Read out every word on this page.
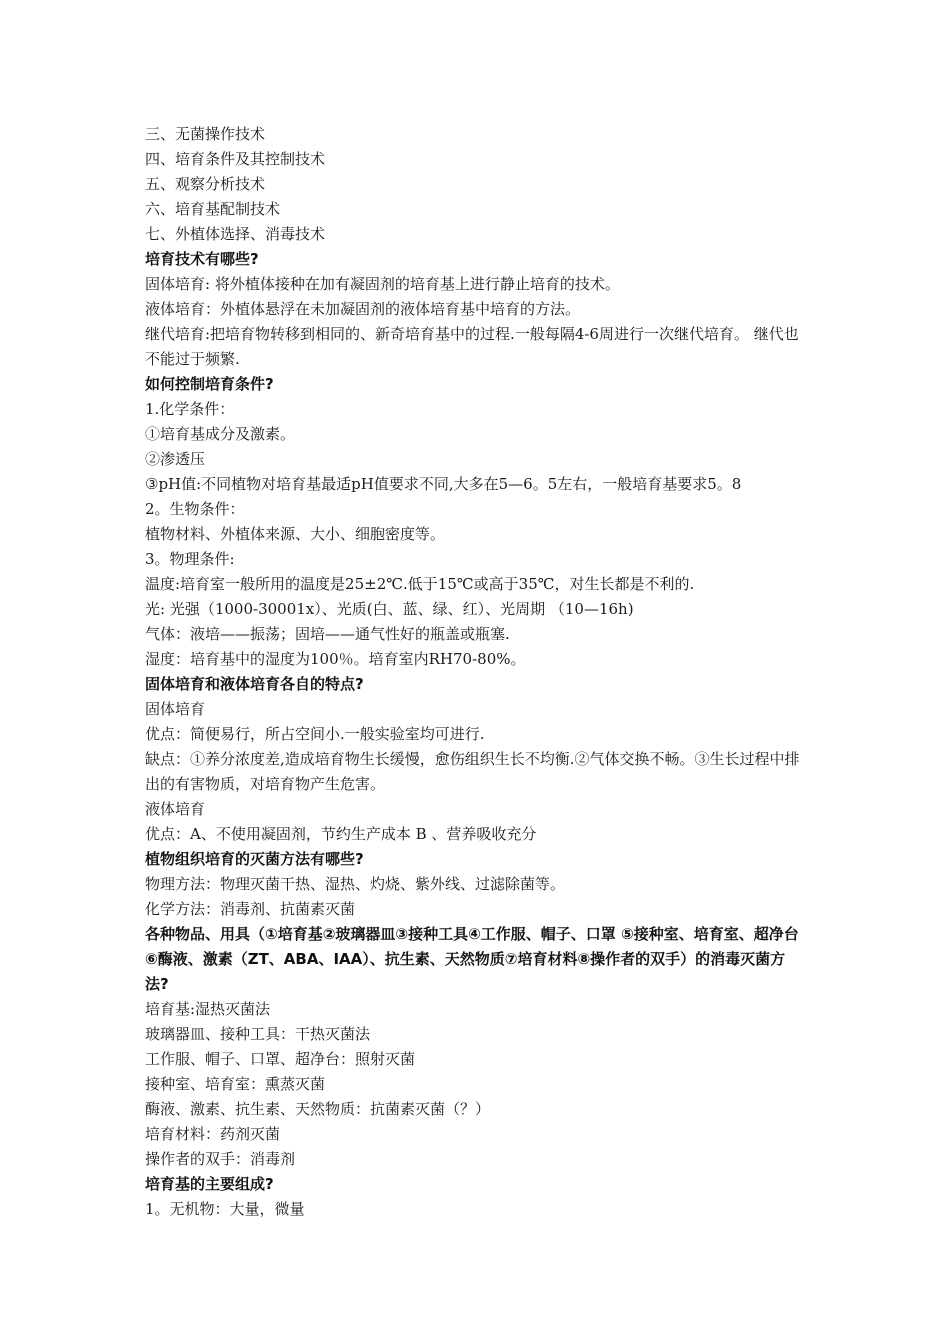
三、无菌操作技术
四、培育条件及其控制技术
五、观察分析技术
六、培育基配制技术
七、外植体选择、消毒技术
培育技术有哪些?
固体培育: 将外植体接种在加有凝固剂的培育基上进行静止培育的技术。
液体培育：外植体悬浮在未加凝固剂的液体培育基中培育的方法。
继代培育:把培育物转移到相同的、新奇培育基中的过程.一般每隔4-6周进行一次继代培育。 继代也不能过于频繁.
如何控制培育条件?
1.化学条件：
①培育基成分及激素。
②渗透压
③pH值:不同植物对培育基最适pH值要求不同,大多在5—6。5左右，一般培育基要求5。8
2。生物条件：
植物材料、外植体来源、大小、细胞密度等。
3。物理条件:
温度:培育室一般所用的温度是25±2℃.低于15℃或高于35℃，对生长都是不利的.
光: 光强（1000-30001x）、光质(白、蓝、绿、红）、光周期 （10—16h)
气体：液培——振荡；固培——通气性好的瓶盖或瓶塞.
湿度：培育基中的湿度为100％。培育室内RH70-80%。
固体培育和液体培育各自的特点?
固体培育
优点：简便易行，所占空间小.一般实验室均可进行.
缺点：①养分浓度差,造成培育物生长缓慢，愈伤组织生长不均衡.②气体交换不畅。③生长过程中排出的有害物质，对培育物产生危害。
液体培育
优点：A、不使用凝固剂，节约生产成本 B 、营养吸收充分
植物组织培育的灭菌方法有哪些?
物理方法：物理灭菌干热、湿热、灼烧、紫外线、过滤除菌等。
化学方法：消毒剂、抗菌素灭菌
各种物品、用具（①培育基②玻璃器皿③接种工具④工作服、帽子、口罩 ⑤接种室、培育室、超净台⑥酶液、激素（ZT、ABA、IAA）、抗生素、天然物质⑦培育材料⑧操作者的双手）的消毒灭菌方法?
培育基:湿热灭菌法
玻璃器皿、接种工具：干热灭菌法
工作服、帽子、口罩、超净台：照射灭菌
接种室、培育室：熏蒸灭菌
酶液、激素、抗生素、天然物质：抗菌素灭菌（？）
培育材料：药剂灭菌
操作者的双手：消毒剂
培育基的主要组成?
1。无机物：大量，微量
